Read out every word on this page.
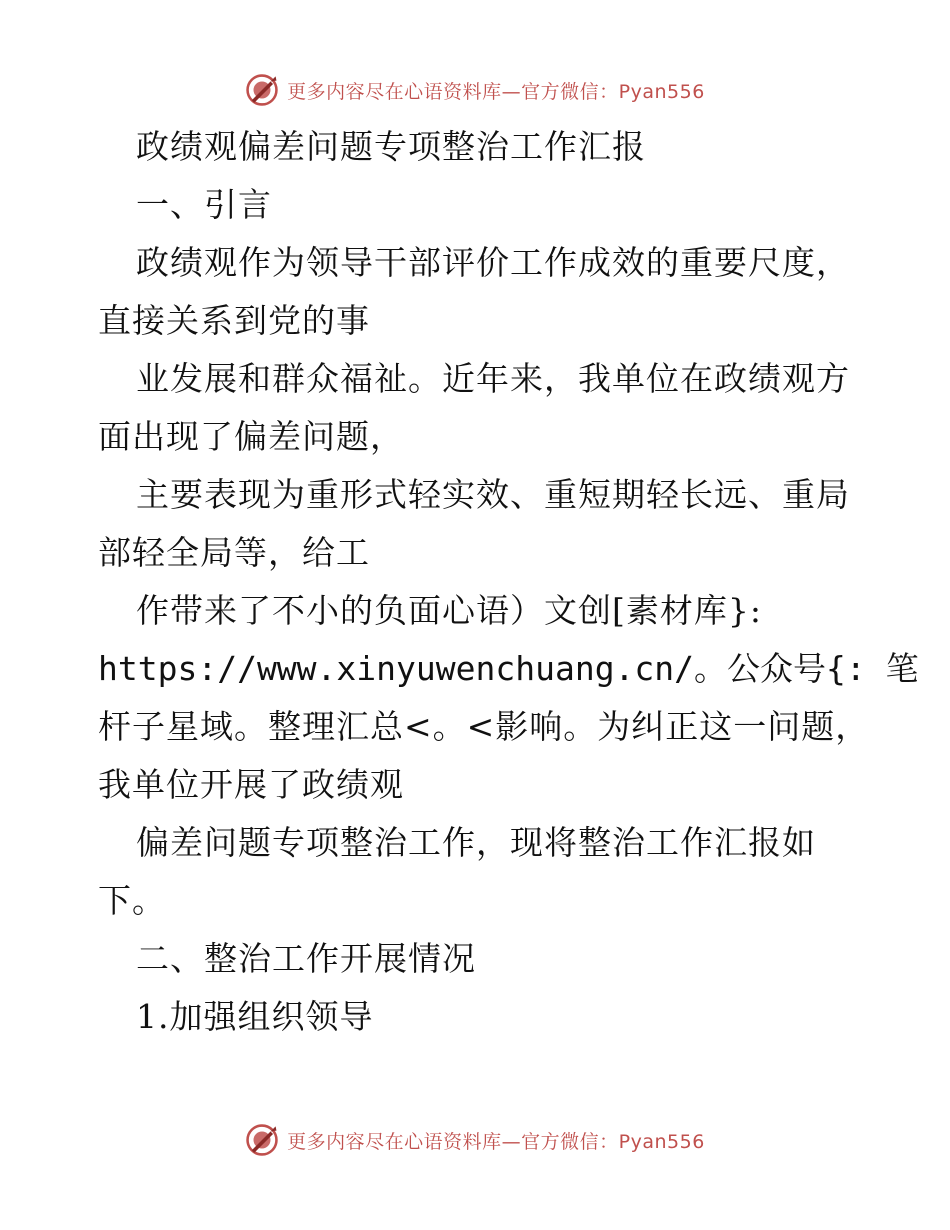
更多内容尽在心语资料库—官方微信：Pyan556
政绩观偏差问题专项整治工作汇报
一、引言
政绩观作为领导干部评价工作成效的重要尺度，
直接关系到党的事
业发展和群众福祉。近年来，我单位在政绩观方
面出现了偏差问题，
主要表现为重形式轻实效、重短期轻长远、重局
部轻全局等，给工
作带来了不小的负面心语）文创[素材库}:
https://www.xinyuwenchuang.cn/。公众号{: 笔
杆子星域。整理汇总<。<影响。为纠正这一问题，
我单位开展了政绩观
偏差问题专项整治工作，现将整治工作汇报如
下。
二、整治工作开展情况
1.加强组织领导
更多内容尽在心语资料库—官方微信：Pyan556
